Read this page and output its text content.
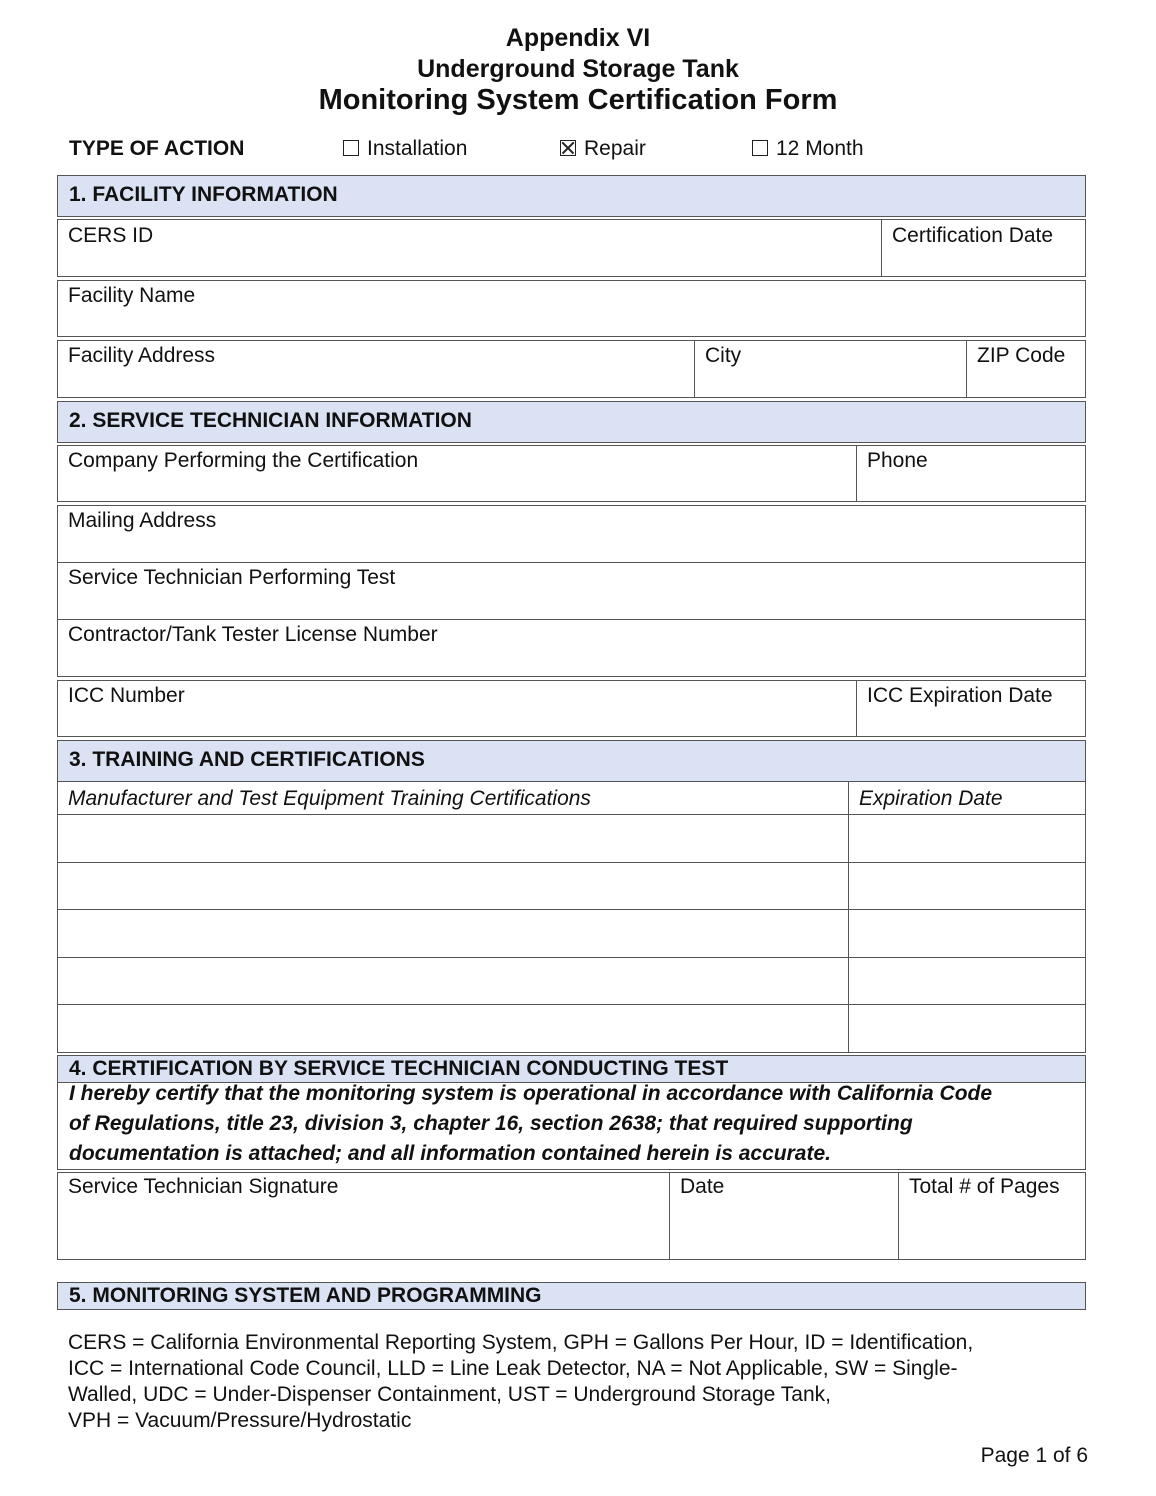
Appendix VI
Underground Storage Tank
Monitoring System Certification Form
TYPE OF ACTION	Installation	Repair	12 Month
1. FACILITY INFORMATION
CERS ID	Certification Date
Facility Name
Facility Address	City	ZIP Code
2. SERVICE TECHNICIAN INFORMATION
Company Performing the Certification	Phone
Mailing Address
Service Technician Performing Test
Contractor/Tank Tester License Number
ICC Number	ICC Expiration Date
3. TRAINING AND CERTIFICATIONS
Manufacturer and Test Equipment Training Certifications	Expiration Date
4. CERTIFICATION BY SERVICE TECHNICIAN CONDUCTING TEST
I hereby certify that the monitoring system is operational in accordance with California Code
of Regulations, title 23, division 3, chapter 16, section 2638; that required supporting
documentation is attached; and all information contained herein is accurate.
Service Technician Signature	Date	Total # of Pages
5. MONITORING SYSTEM AND PROGRAMMING
CERS = California Environmental Reporting System, GPH = Gallons Per Hour, ID = Identification,
ICC = International Code Council, LLD = Line Leak Detector, NA = Not Applicable, SW = Single-
Walled, UDC = Under-Dispenser Containment, UST = Underground Storage Tank,
VPH = Vacuum/Pressure/Hydrostatic
Page 1 of 6
